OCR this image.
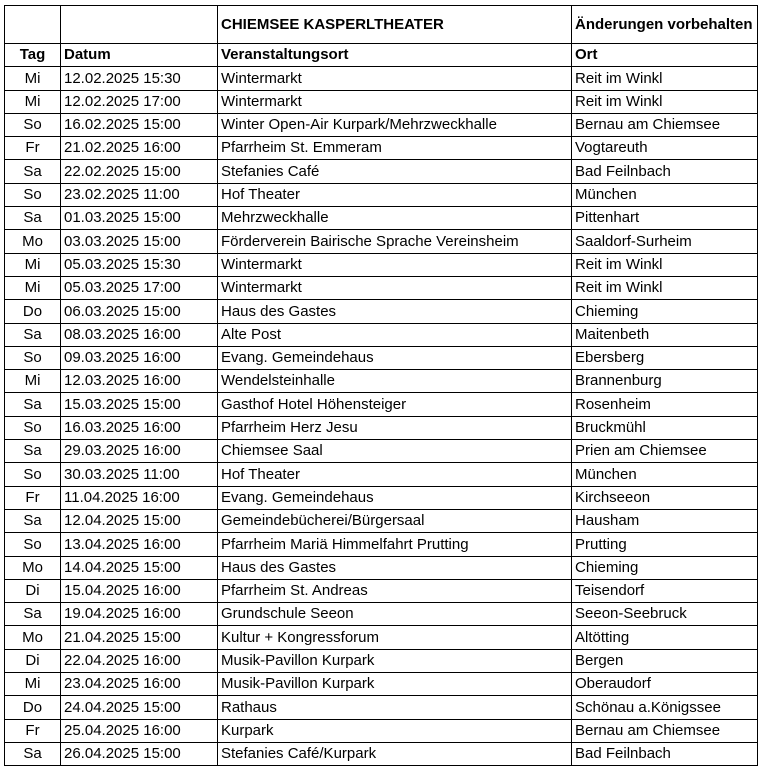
		CHIEMSEE KASPERLTHEATER	Änderungen vorbehalten
Tag	Datum	Veranstaltungsort	Ort
Mi	12.02.2025 15:30	Wintermarkt	Reit im Winkl
Mi	12.02.2025 17:00	Wintermarkt	Reit im Winkl
So	16.02.2025 15:00	Winter Open-Air Kurpark/Mehrzweckhalle	Bernau am Chiemsee
Fr	21.02.2025 16:00	Pfarrheim St. Emmeram	Vogtareuth
Sa	22.02.2025 15:00	Stefanies Café	Bad Feilnbach
So	23.02.2025 11:00	Hof Theater	München
Sa	01.03.2025 15:00	Mehrzweckhalle	Pittenhart
Mo	03.03.2025 15:00	Förderverein Bairische Sprache Vereinsheim	Saaldorf-Surheim
Mi	05.03.2025 15:30	Wintermarkt	Reit im Winkl
Mi	05.03.2025 17:00	Wintermarkt	Reit im Winkl
Do	06.03.2025 15:00	Haus des Gastes	Chieming
Sa	08.03.2025 16:00	Alte Post	Maitenbeth
So	09.03.2025 16:00	Evang. Gemeindehaus	Ebersberg
Mi	12.03.2025 16:00	Wendelsteinhalle	Brannenburg
Sa	15.03.2025 15:00	Gasthof Hotel Höhensteiger	Rosenheim
So	16.03.2025 16:00	Pfarrheim Herz Jesu	Bruckmühl
Sa	29.03.2025 16:00	Chiemsee Saal	Prien am Chiemsee
So	30.03.2025 11:00	Hof Theater	München
Fr	11.04.2025 16:00	Evang. Gemeindehaus	Kirchseeon
Sa	12.04.2025 15:00	Gemeindebücherei/Bürgersaal	Hausham
So	13.04.2025 16:00	Pfarrheim Mariä Himmelfahrt Prutting	Prutting
Mo	14.04.2025 15:00	Haus des Gastes	Chieming
Di	15.04.2025 16:00	Pfarrheim St. Andreas	Teisendorf
Sa	19.04.2025 16:00	Grundschule Seeon	Seeon-Seebruck
Mo	21.04.2025 15:00	Kultur + Kongressforum	Altötting
Di	22.04.2025 16:00	Musik-Pavillon Kurpark	Bergen
Mi	23.04.2025 16:00	Musik-Pavillon Kurpark	Oberaudorf
Do	24.04.2025 15:00	Rathaus	Schönau a.Königssee
Fr	25.04.2025 16:00	Kurpark	Bernau am Chiemsee
Sa	26.04.2025 15:00	Stefanies Café/Kurpark	Bad Feilnbach
